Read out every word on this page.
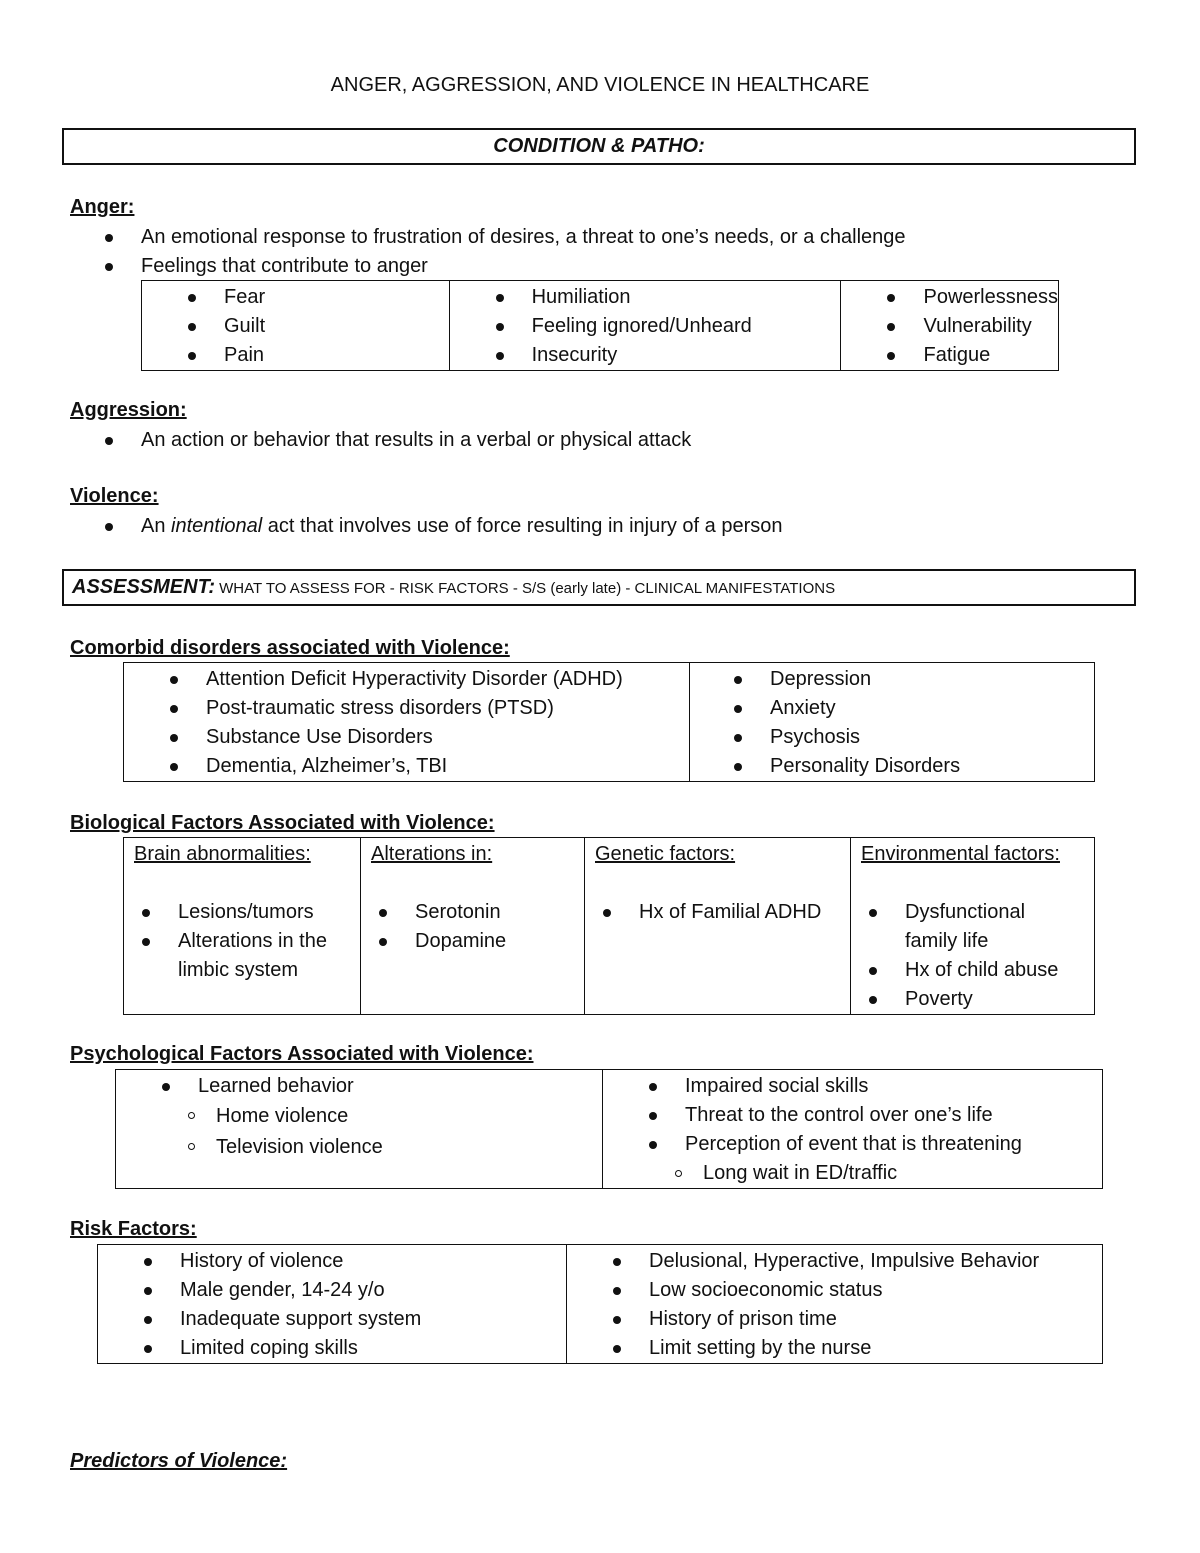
ANGER, AGGRESSION, AND VIOLENCE IN HEALTHCARE
CONDITION & PATHO:
Anger:
An emotional response to frustration of desires, a threat to one’s needs, or a challenge
Feelings that contribute to anger
Fear
Guilt
Pain

Humiliation
Feeling ignored/Unheard
Insecurity

Powerlessness
Vulnerability
Fatigue
Aggression:
An action or behavior that results in a verbal or physical attack
Violence:
An intentional act that involves use of force resulting in injury of a person
ASSESSMENT: WHAT TO ASSESS FOR - RISK FACTORS - S/S (early late) - CLINICAL MANIFESTATIONS
Comorbid disorders associated with Violence:
Attention Deficit Hyperactivity Disorder (ADHD)
Post-traumatic stress disorders (PTSD)
Substance Use Disorders
Dementia, Alzheimer’s, TBI

Depression
Anxiety
Psychosis
Personality Disorders
Biological Factors Associated with Violence:
Brain abnormalities:
Lesions/tumors
Alterations in the limbic system

Alterations in:
Serotonin
Dopamine

Genetic factors:
Hx of Familial ADHD

Environmental factors:
Dysfunctional family life
Hx of child abuse
Poverty
Psychological Factors Associated with Violence:
Learned behavior
Home violence
Television violence

Impaired social skills
Threat to the control over one’s life
Perception of event that is threatening
Long wait in ED/traffic
Risk Factors:
History of violence
Male gender, 14-24 y/o
Inadequate support system
Limited coping skills

Delusional, Hyperactive, Impulsive Behavior
Low socioeconomic status
History of prison time
Limit setting by the nurse
Predictors of Violence:
